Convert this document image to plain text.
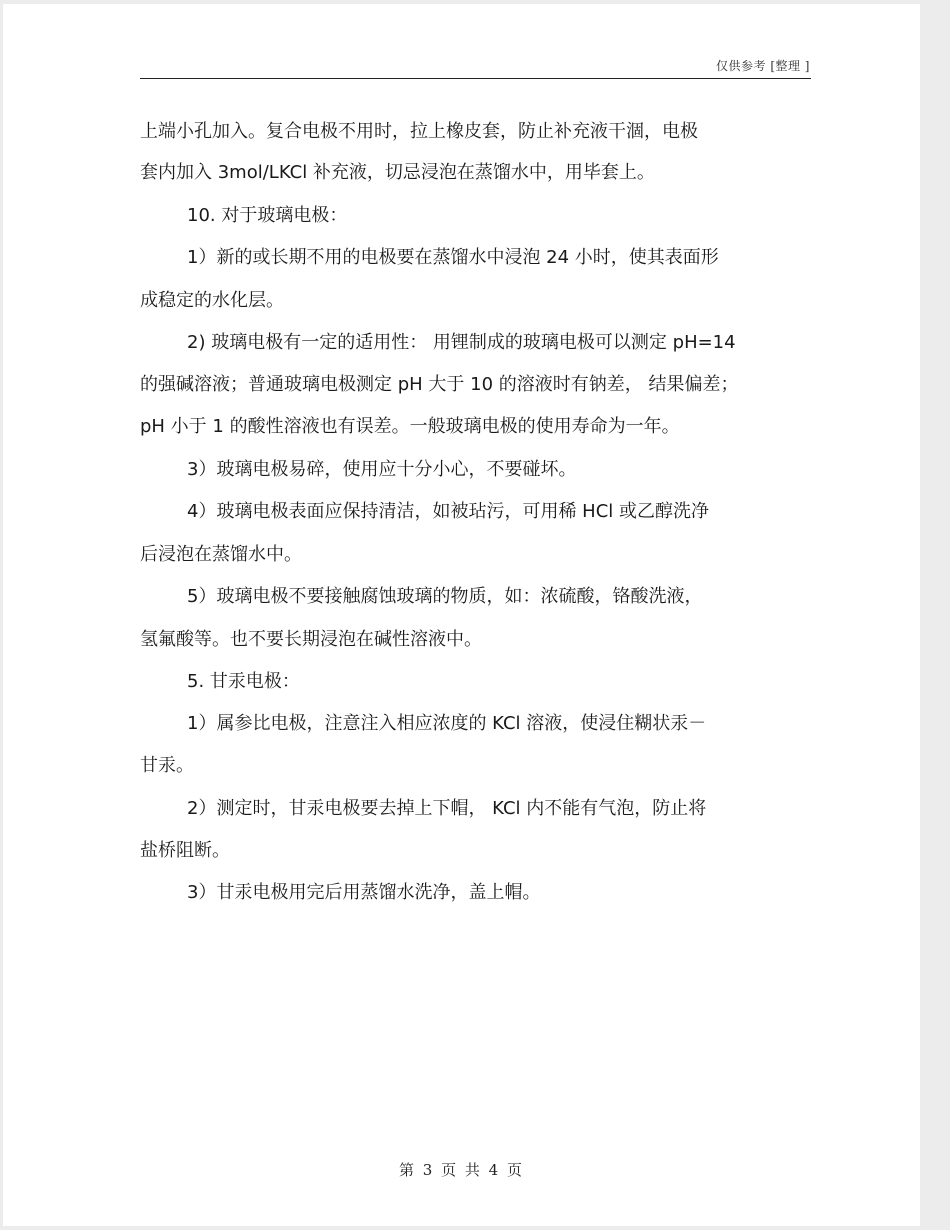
仅供参考 [整理 ]
上端小孔加入。复合电极不用时，拉上橡皮套，防止补充液干涸，电极
套内加入 3mol/LKCl 补充液，切忌浸泡在蒸馏水中，用毕套上。
10. 对于玻璃电极：
1）新的或长期不用的电极要在蒸馏水中浸泡 24 小时，使其表面形
成稳定的水化层。
2) 玻璃电极有一定的适用性： 用锂制成的玻璃电极可以测定 pH=14
的强碱溶液；普通玻璃电极测定 pH 大于 10 的溶液时有钠差， 结果偏差；
pH 小于 1 的酸性溶液也有误差。一般玻璃电极的使用寿命为一年。
3）玻璃电极易碎，使用应十分小心，不要碰坏。
4）玻璃电极表面应保持清洁，如被玷污，可用稀 HCl 或乙醇洗净
后浸泡在蒸馏水中。
5）玻璃电极不要接触腐蚀玻璃的物质，如：浓硫酸，铬酸洗液，
氢氟酸等。也不要长期浸泡在碱性溶液中。
5. 甘汞电极：
1）属参比电极，注意注入相应浓度的 KCl 溶液，使浸住糊状汞－
甘汞。
2）测定时，甘汞电极要去掉上下帽， KCl 内不能有气泡，防止将
盐桥阻断。
3）甘汞电极用完后用蒸馏水洗净，盖上帽。
第 3 页 共 4 页
